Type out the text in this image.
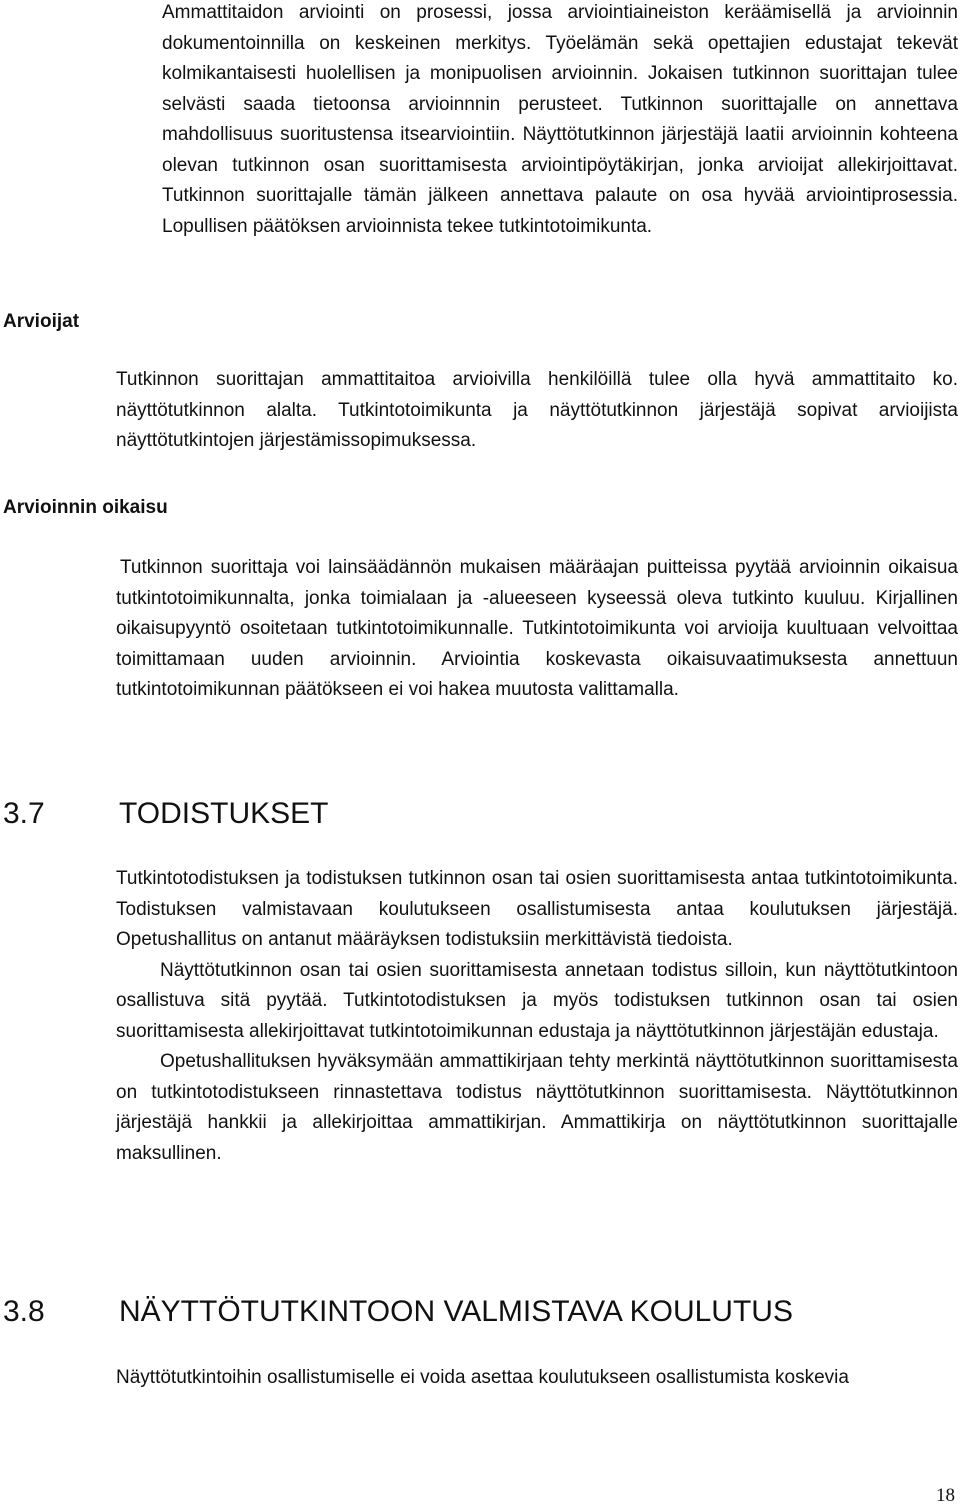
Ammattitaidon arviointi on prosessi, jossa arviointiaineiston keräämisellä ja arvioinnin dokumentoinnilla on keskeinen merkitys. Työelämän sekä opettajien edustajat tekevät kolmikantaisesti huolellisen ja monipuolisen arvioinnin. Jokaisen tutkinnon suorittajan tulee selvästi saada tietoonsa arvioinnnin perusteet. Tutkinnon suorittajalle on annettava mahdollisuus suoritustensa itsearviointiin. Näyttötutkinnon järjestäjä laatii arvioinnin kohteena olevan tutkinnon osan suorittamisesta arviointipöytäkirjan, jonka arvioijat allekirjoittavat. Tutkinnon suorittajalle tämän jälkeen annettava palaute on osa hyvää arviointiprosessia. Lopullisen päätöksen arvioinnista tekee tutkintotoimikunta.

Arvioijat

Tutkinnon suorittajan ammattitaitoa arvioivilla henkilöillä tulee olla hyvä ammattitaito ko. näyttötutkinnon alalta. Tutkintotoimikunta ja näyttötutkinnon järjestäjä sopivat arvioijista näyttötutkintojen järjestämissopimuksessa.

Arvioinnin oikaisu

Tutkinnon suorittaja voi lainsäädännön mukaisen määräajan puitteissa pyytää arvioinnin oikaisua tutkintotoimikunnalta, jonka toimialaan ja -alueeseen kyseessä oleva tutkinto kuuluu. Kirjallinen oikaisupyyntö osoitetaan tutkintotoimikunnalle. Tutkintotoimikunta voi arvioija kuultuaan velvoittaa toimittamaan uuden arvioinnin. Arviointia koskevasta oikaisuvaatimuksesta annettuun tutkintotoimikunnan päätökseen ei voi hakea muutosta valittamalla.

3.7 TODISTUKSET

Tutkintotodistuksen ja todistuksen tutkinnon osan tai osien suorittamisesta antaa tutkintotoimikunta. Todistuksen valmistavaan koulutukseen osallistumisesta antaa koulutuksen järjestäjä. Opetushallitus on antanut määräyksen todistuksiin merkittävistä tiedoista.

Näyttötutkinnon osan tai osien suorittamisesta annetaan todistus silloin, kun näyttötutkintoon osallistuva sitä pyytää. Tutkintotodistuksen ja myös todistuksen tutkinnon osan tai osien suorittamisesta allekirjoittavat tutkintotoimikunnan edustaja ja näyttötutkinnon järjestäjän edustaja.

Opetushallituksen hyväksymään ammattikirjaan tehty merkintä näyttötutkinnon suorittamisesta on tutkintotodistukseen rinnastettava todistus näyttötutkinnon suorittamisesta. Näyttötutkinnon järjestäjä hankkii ja allekirjoittaa ammattikirjan. Ammattikirja on näyttötutkinnon suorittajalle maksullinen.

3.8 NÄYTTÖTUTKINTOON VALMISTAVA KOULUTUS

Näyttötutkintoihin osallistumiselle ei voida asettaa koulutukseen osallistumista koskevia

18
